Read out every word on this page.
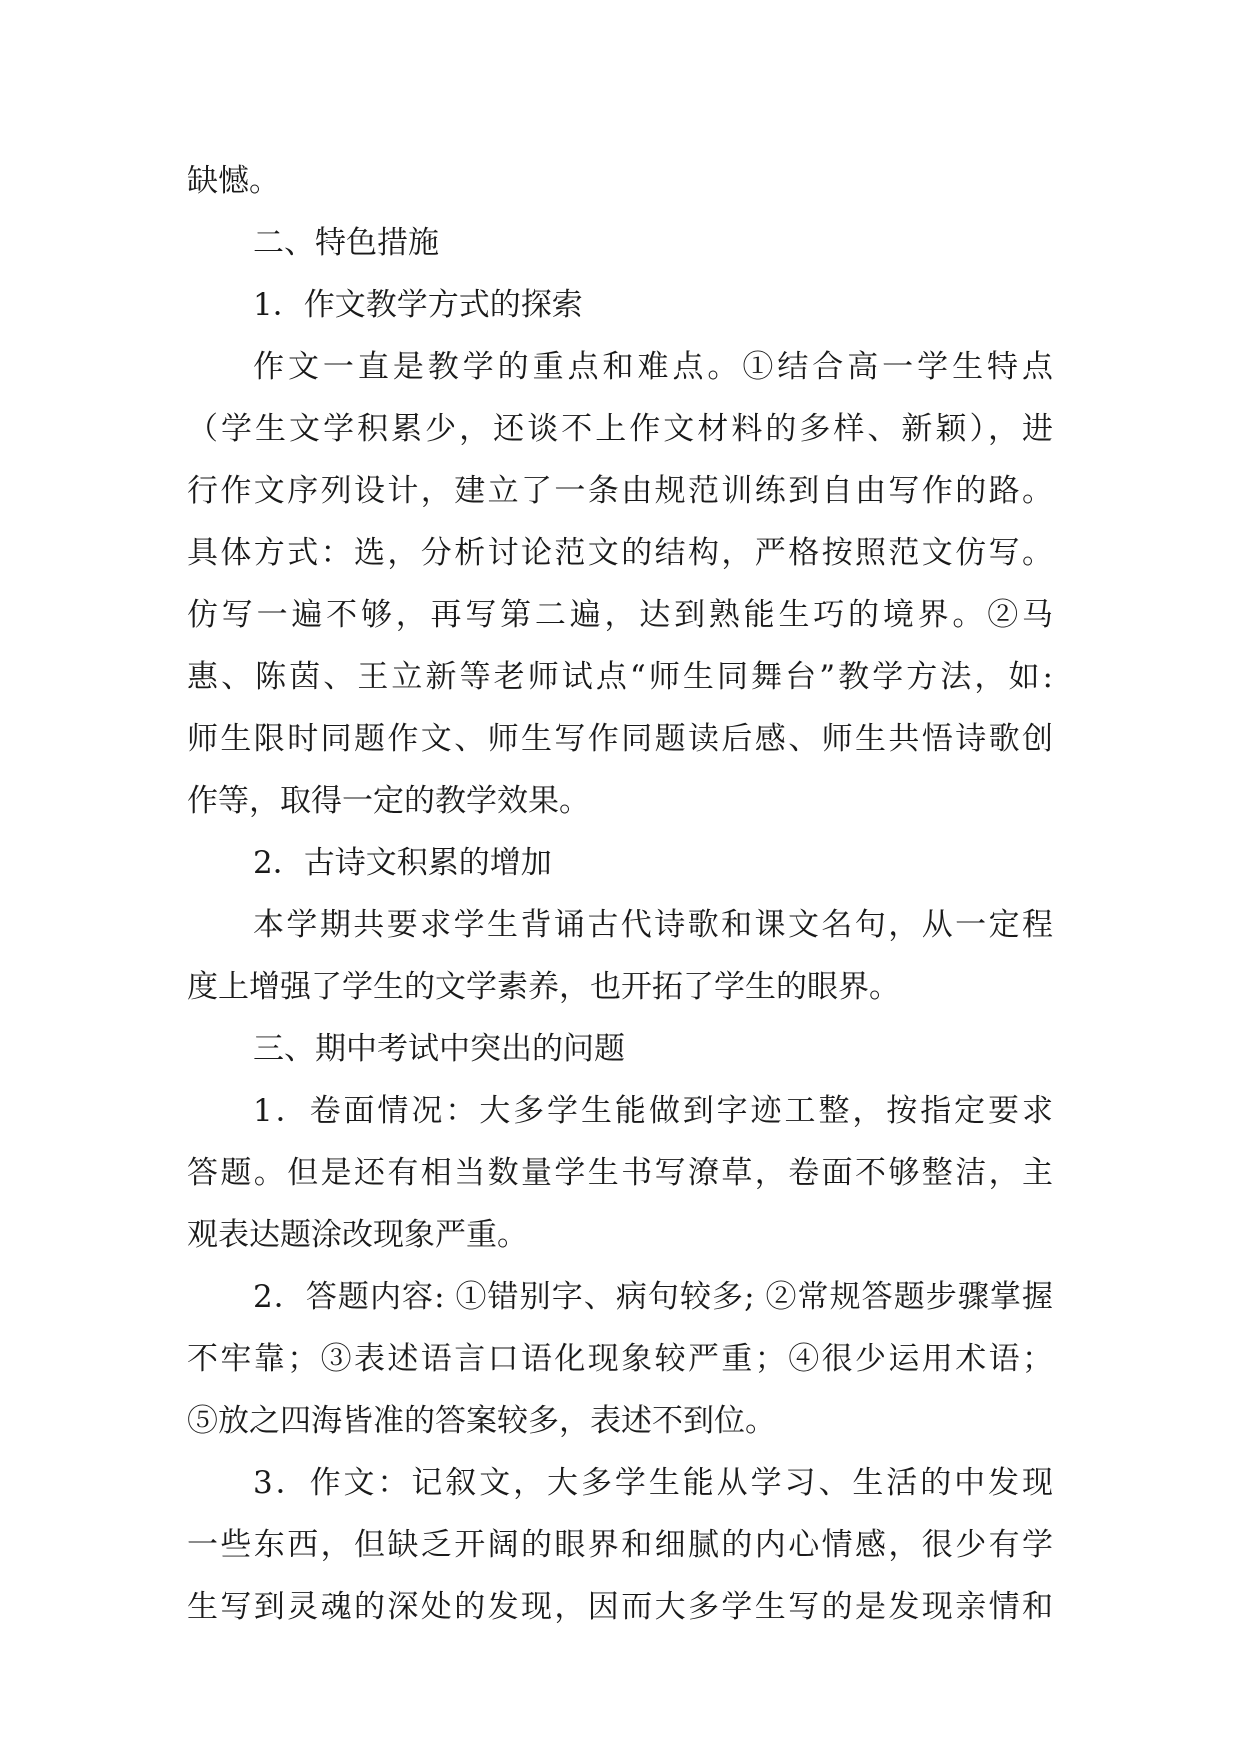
缺憾。
二、特色措施
1．作文教学方式的探索
作文一直是教学的重点和难点。①结合高一学生特点
（学生文学积累少，还谈不上作文材料的多样、新颖），进
行作文序列设计，建立了一条由规范训练到自由写作的路。
具体方式：选，分析讨论范文的结构，严格按照范文仿写。
仿写一遍不够，再写第二遍，达到熟能生巧的境界。②马
惠、陈茵、王立新等老师试点“师生同舞台”教学方法，如:
师生限时同题作文、师生写作同题读后感、师生共悟诗歌创
作等，取得一定的教学效果。
2．古诗文积累的增加
本学期共要求学生背诵古代诗歌和课文名句，从一定程
度上增强了学生的文学素养，也开拓了学生的眼界。
三、期中考试中突出的问题
1．卷面情况：大多学生能做到字迹工整，按指定要求
答题。但是还有相当数量学生书写潦草，卷面不够整洁，主
观表达题涂改现象严重。
2．答题内容: ①错别字、病句较多; ②常规答题步骤掌握
不牢靠；③表述语言口语化现象较严重；④很少运用术语；
⑤放之四海皆准的答案较多，表述不到位。
3．作文：记叙文，大多学生能从学习、生活的中发现
一些东西，但缺乏开阔的眼界和细腻的内心情感，很少有学
生写到灵魂的深处的发现，因而大多学生写的是发现亲情和
